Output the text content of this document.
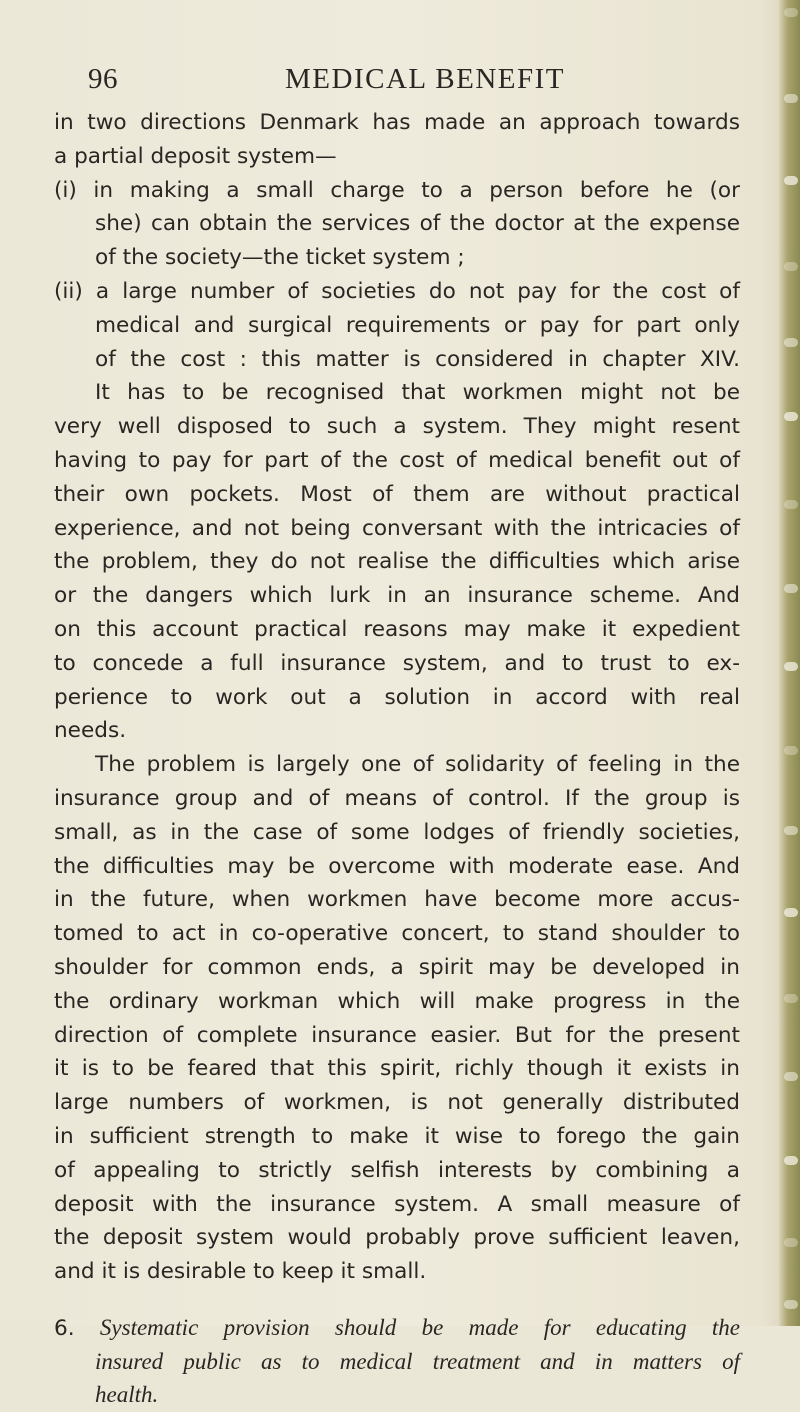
96	MEDICAL BENEFIT
in two directions Denmark has made an approach towards
a partial deposit system—
(i) in making a small charge to a person before he (or
she) can obtain the services of the doctor at the expense
of the society—the ticket system ;
(ii) a large number of societies do not pay for the cost of
medical and surgical requirements or pay for part only
of the cost : this matter is considered in chapter XIV.
It has to be recognised that workmen might not be
very well disposed to such a system. They might resent
having to pay for part of the cost of medical benefit out of
their own pockets. Most of them are without practical
experience, and not being conversant with the intricacies of
the problem, they do not realise the difficulties which arise
or the dangers which lurk in an insurance scheme. And
on this account practical reasons may make it expedient
to concede a full insurance system, and to trust to ex-
perience to work out a solution in accord with real
needs.
The problem is largely one of solidarity of feeling in the
insurance group and of means of control. If the group is
small, as in the case of some lodges of friendly societies,
the difficulties may be overcome with moderate ease. And
in the future, when workmen have become more accus-
tomed to act in co-operative concert, to stand shoulder to
shoulder for common ends, a spirit may be developed in
the ordinary workman which will make progress in the
direction of complete insurance easier. But for the present
it is to be feared that this spirit, richly though it exists in
large numbers of workmen, is not generally distributed
in sufficient strength to make it wise to forego the gain
of appealing to strictly selfish interests by combining a
deposit with the insurance system. A small measure of
the deposit system would probably prove sufficient leaven,
and it is desirable to keep it small.
6. Systematic provision should be made for educating the
insured public as to medical treatment and in matters of
health.
